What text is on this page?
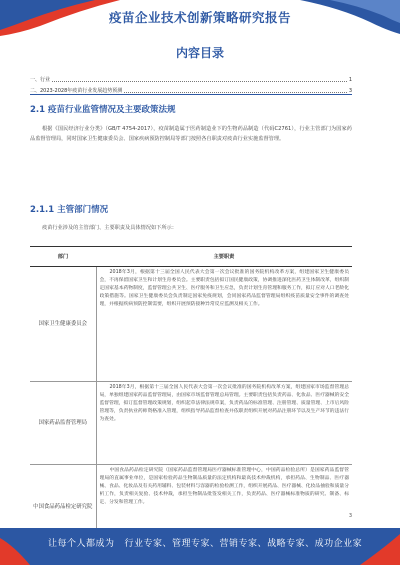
疫苗企业技术创新策略研究报告
内容目录
一、行业	1
二、2023-2028年疫苗行业发展趋势预测	3
2.1 疫苗行业监管情况及主要政策法规
根据《国民经济行业分类》（GB/T 4754-2017），疫苗制造属于医药制造业下的生物药品制造（代码C2761），行业主管部门为国家药品监督管理局，同时国家卫生健康委员会、国家疾病预防控制局等部门按照各自职责对疫苗行业实施监督管理。
2.1.1 主管部门情况
疫苗行业涉及的主管部门、主要职责及具体情况如下所示：
部门	主要职责
国家卫生健康委员会	2018年3月，根据第十三届全国人民代表大会第一次会议批准的国务院机构改革方案，组建国家卫生健康委员会，不再保留国家卫生和计划生育委员会。主要职责包括拟订国民健康政策，协调推进深化医药卫生体制改革，组织制定国家基本药物制度，监督管理公共卫生、医疗服务和卫生应急，负责计划生育管理和服务工作，拟订应对人口老龄化政策措施等。国家卫生健康委员会负责制定国家免疫规划，会同国家药品监督管理局组织疫苗质量安全事件的调查处理，并根据疾病预防控制需要，组织开展预防接种异常反应监测及相关工作。

国家药品监督管理局	2018年3月，根据第十三届全国人民代表大会第一次会议批准的国务院机构改革方案，组建国家市场监督管理总局，单独组建国家药品监督管理局，由国家市场监督管理总局管理。主要职责包括负责药品、化妆品、医疗器械的安全监督管理，拟订监督管理政策规划，组织起草法律法规草案，负责药品的标准管理、注册管理、质量管理、上市后风险管理等，负责执业药师资格准入管理，组织指导药品监督检查并依职责组织开展对药品注册环节以及生产环节的违法行为查处。

中国食品药品检定研究院	中国食品药品检定研究院（国家药品监督管理局医疗器械标准管理中心，中国药品检验总所）是国家药品监督管理局的直属事业单位，是国家检验药品生物制品质量的法定机构和最高技术仲裁机构，承担药品、生物制品、医疗器械、食品、化妆品及有关药用辅料、包装材料与容器的检验检测工作，组织开展药品、医疗器械、化妆品抽验和质量分析工作，负责相关复验、技术仲裁，承担生物制品批签发相关工作，负责药品、医疗器械标准物质的研究、制备、标定、分发和管理工作。
3
让每个人都成为 行业专家、管理专家、营销专家、战略专家、成功企业家
